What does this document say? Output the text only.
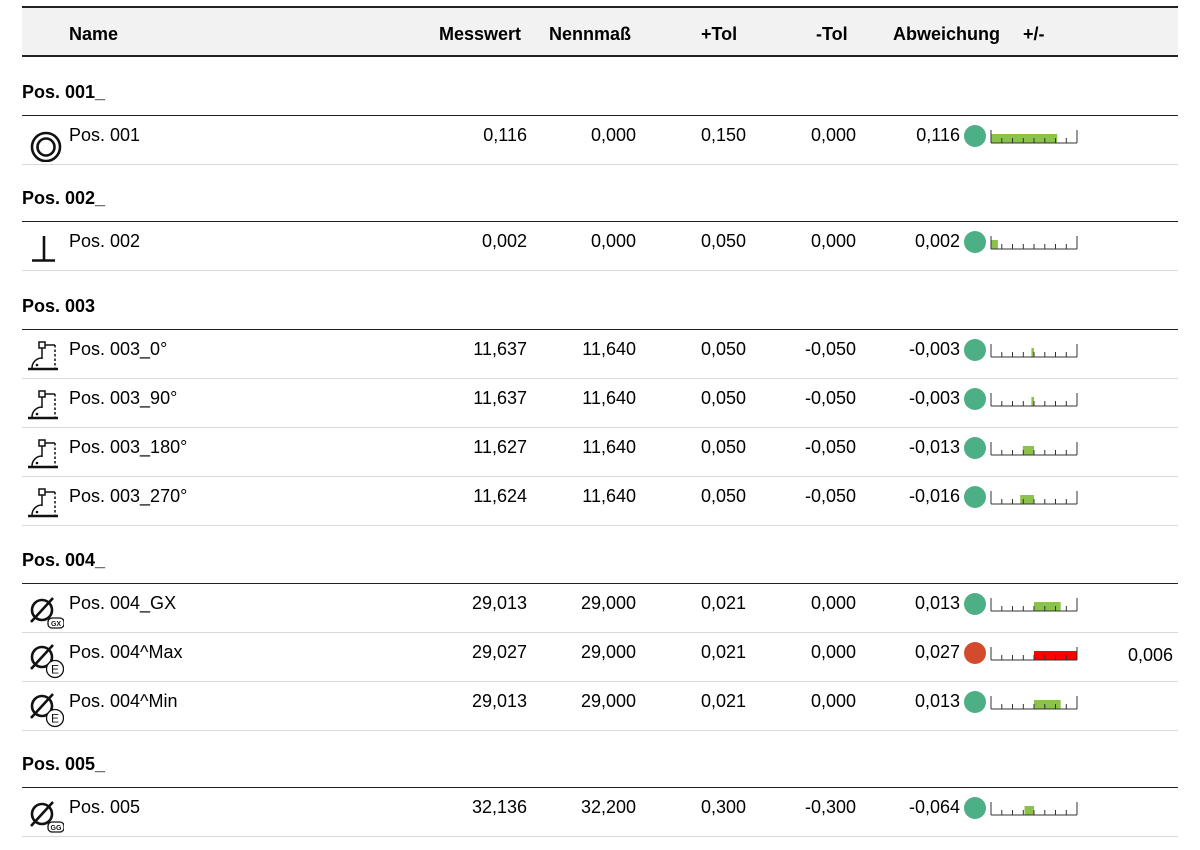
Name	Messwert Nennmaß	+Tol	-Tol	Abweichung +/-
Pos. 001_
Pos. 001	0,116	0,000	0,150	0,000	0,116
Pos. 002_
Pos. 002	0,002	0,000	0,050	0,000	0,002
Pos. 003
Pos. 003_0°	11,637	11,640	0,050	-0,050	-0,003
Pos. 003_90°	11,637	11,640	0,050	-0,050	-0,003
Pos. 003_180°	11,627	11,640	0,050	-0,050	-0,013
Pos. 003_270°	11,624	11,640	0,050	-0,050	-0,016
Pos. 004_
GX
Pos. 004_GX	29,013	29,000	0,021	0,000	0,013
E
Pos. 004^Max	29,027	29,000	0,021	0,000	0,027	0,006
E
Pos. 004^Min	29,013	29,000	0,021	0,000	0,013
Pos. 005_
GG
Pos. 005	32,136	32,200	0,300	-0,300	-0,064
